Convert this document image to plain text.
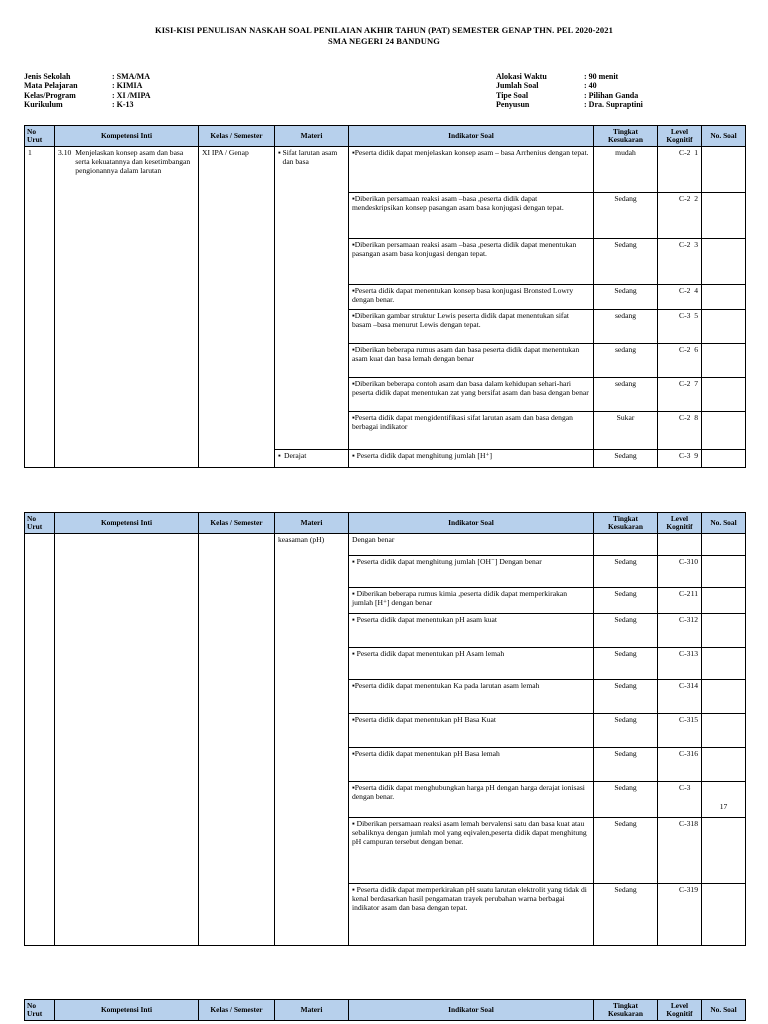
KISI-KISI PENULISAN NASKAH SOAL PENILAIAN AKHIR TAHUN (PAT) SEMESTER GENAP THN. PEL 2020-2021
SMA NEGERI 24 BANDUNG
Jenis Sekolah	: SMA/MA
Mata Pelajaran	: KIMIA
Kelas/Program	: XI /MIPA
Kurikulum	: K-13
Alokasi Waktu	: 90 menit
Jumlah Soal	: 40
Tipe Soal	: Pilihan Ganda
Penyusun	: Dra. Supraptini
No Urut	Kompetensi Inti	Kelas / Semester	Materi	Indikator Soal	Tingkat Kesukaran	Level Kognitif	No. Soal
1	3.10 Menjelaskan konsep asam dan basa serta kekuatannya dan kesetimbangan pengionannya dalam larutan	XI IPA / Genap	▪ Sifat larutan asam dan basa	▪Peserta didik dapat menjelaskan konsep asam – basa Arrhenius dengan tepat.	mudah	C-2 1	

				▪Diberikan persamaan reaksi asam –basa ,peserta didik dapat mendeskripsikan konsep pasangan asam basa konjugasi dengan tepat.	Sedang	C-2 2	

				▪Diberikan persamaan reaksi asam –basa ,peserta didik dapat menentukan pasangan asam basa konjugasi dengan tepat.	Sedang	C-2 3	

				▪Peserta didik dapat menentukan konsep basa konjugasi Bronsted Lowry dengan benar.	Sedang	C-2 4	

				▪Diberikan gambar struktur Lewis peserta didik dapat menentukan sifat basam –basa menurut Lewis dengan tepat.	sedang	C-3 5	

				▪Diberikan beberapa rumus asam dan basa peserta didik dapat menentukan asam kuat dan basa lemah dengan benar	sedang	C-2 6	

				▪Diberikan beberapa contoh asam dan basa dalam kehidupan sehari-hari peserta didik dapat menentukan zat yang bersifat asam dan basa dengan benar	sedang	C-2 7	

				▪Peserta didik dapat mengidentifikasi sifat larutan asam dan basa dengan berbagai indikator	Sukar	C-2 8	

			▪ Derajat	▪ Peserta didik dapat menghitung jumlah [H⁺]	Sedang	C-3 9	

No Urut	Kompetensi Inti	Kelas / Semester	Materi	Indikator Soal	Tingkat Kesukaran	Level Kognitif	No. Soal
			keasaman (pH)	Dengan benar		

				▪ Peserta didik dapat menghitung jumlah [OH⁻] Dengan benar	Sedang	C-3 10	

				▪ Diberikan beberapa rumus kimia ,peserta didik dapat memperkirakan jumlah [H⁺] dengan benar	Sedang	C-2 11	

				▪ Peserta didik dapat menentukan pH asam kuat	Sedang	C-3 12	

				▪ Peserta didik dapat menentukan pH Asam lemah	Sedang	C-3 13	

				▪Peserta didik dapat menentukan Ka pada larutan asam lemah	Sedang	C-3 14	

				▪Peserta didik dapat menentukan pH Basa Kuat	Sedang	C-3 15	

				▪Peserta didik dapat menentukan pH Basa lemah	Sedang	C-3 16	

				▪Peserta didik dapat menghubungkan harga pH dengan harga derajat ionisasi dengan benar.	Sedang	C-3	17
				▪ Diberikan persamaan reaksi asam lemah bervalensi satu dan basa kuat atau sebaliknya dengan jumlah mol yang eqivalen,peserta didik dapat menghitung pH campuran tersebut dengan benar.	Sedang	C-3 18	

				▪ Peserta didik dapat memperkirakan pH suatu larutan elektrolit yang tidak di kenal berdasarkan hasil pengamatan trayek perubahan warna berbagai indikator asam dan basa dengan tepat.	Sedang	C-3 19	

No Urut	Kompetensi Inti	Kelas / Semester	Materi	Indikator Soal	Tingkat Kesukaran	Level Kognitif	No. Soal
